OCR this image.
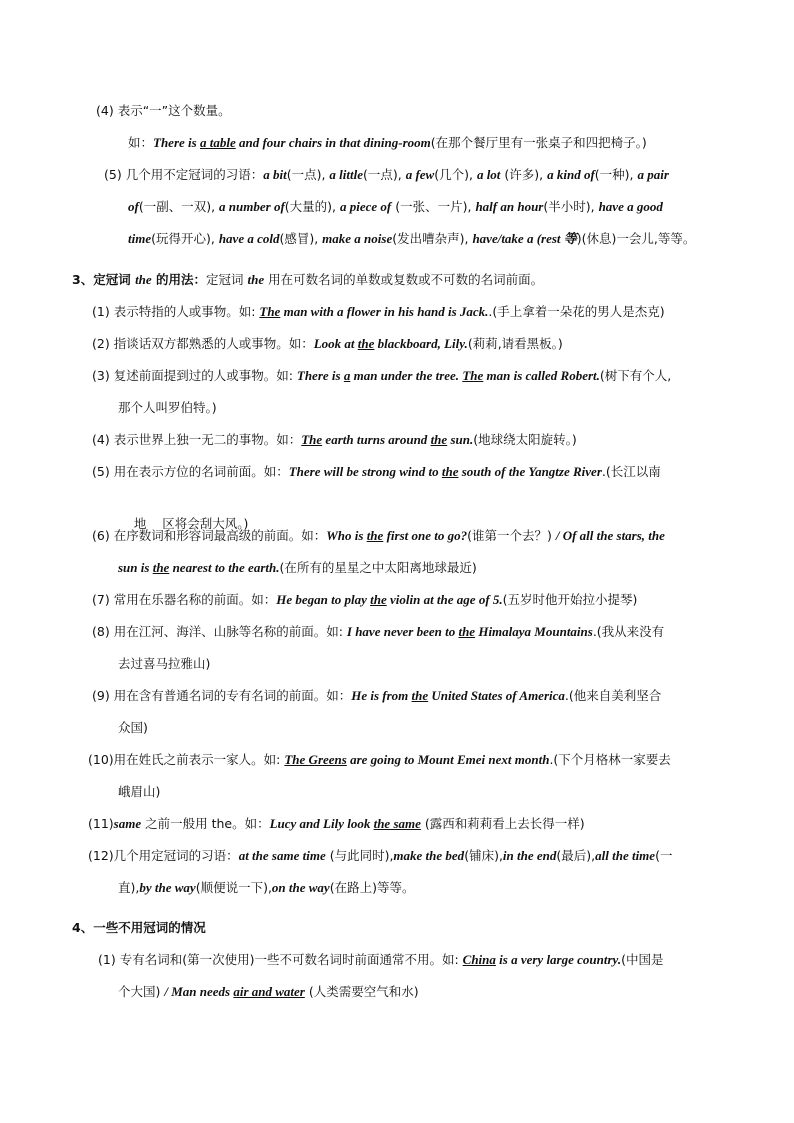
(4) 表示“一”这个数量。
如：There is a table and four chairs in that dining-room(在那个餐厅里有一张桌子和四把椅子。)
(5) 几个用不定冠词的习语：a bit(一点), a little(一点), a few(几个), a lot (许多), a kind of(一种), a pair
of(一副、一双), a number of(大量的), a piece of (一张、一片), half an hour(半小时), have a good
time(玩得开心), have a cold(感冒), make a noise(发出嘈杂声), have/take a (rest 等)(休息)一会儿,等等。
3、定冠词 the 的用法：定冠词 the 用在可数名词的单数或复数或不可数的名词前面。
(1) 表示特指的人或事物。如: The man with a flower in his hand is Jack..(手上拿着一朵花的男人是杰克)
(2) 指谈话双方都熟悉的人或事物。如：Look at the blackboard, Lily.(莉莉,请看黑板。)
(3) 复述前面提到过的人或事物。如: There is a man under the tree. The man is called Robert.(树下有个人,
那个人叫罗伯特。)
(4) 表示世界上独一无二的事物。如：The earth turns around the sun.(地球绕太阳旋转。)
(5) 用在表示方位的名词前面。如：There will be strong wind to the south of the Yangtze River.(长江以南

地    区将会刮大风。)

(6) 在序数词和形容词最高级的前面。如：Who is the first one to go?(谁第一个去？) / Of all the stars, the
sun is the nearest to the earth.(在所有的星星之中太阳离地球最近)
(7) 常用在乐器名称的前面。如：He began to play the violin at the age of 5.(五岁时他开始拉小提琴)
(8) 用在江河、海洋、山脉等名称的前面。如: I have never been to the Himalaya Mountains.(我从来没有
去过喜马拉雅山)
(9) 用在含有普通名词的专有名词的前面。如：He is from the United States of America.(他来自美利坚合
众国)
(10)用在姓氏之前表示一家人。如: The Greens are going to Mount Emei next month.(下个月格林一家要去
峨眉山)
(11)same 之前一般用 the。如：Lucy and Lily look the same (露西和莉莉看上去长得一样)
(12)几个用定冠词的习语：at the same time (与此同时),make the bed(铺床),in the end(最后),all the time(一
直),by the way(顺便说一下),on the way(在路上)等等。
4、一些不用冠词的情况
(1) 专有名词和(第一次使用)一些不可数名词时前面通常不用。如: China is a very large country.(中国是
个大国) / Man needs air and water (人类需要空气和水)
